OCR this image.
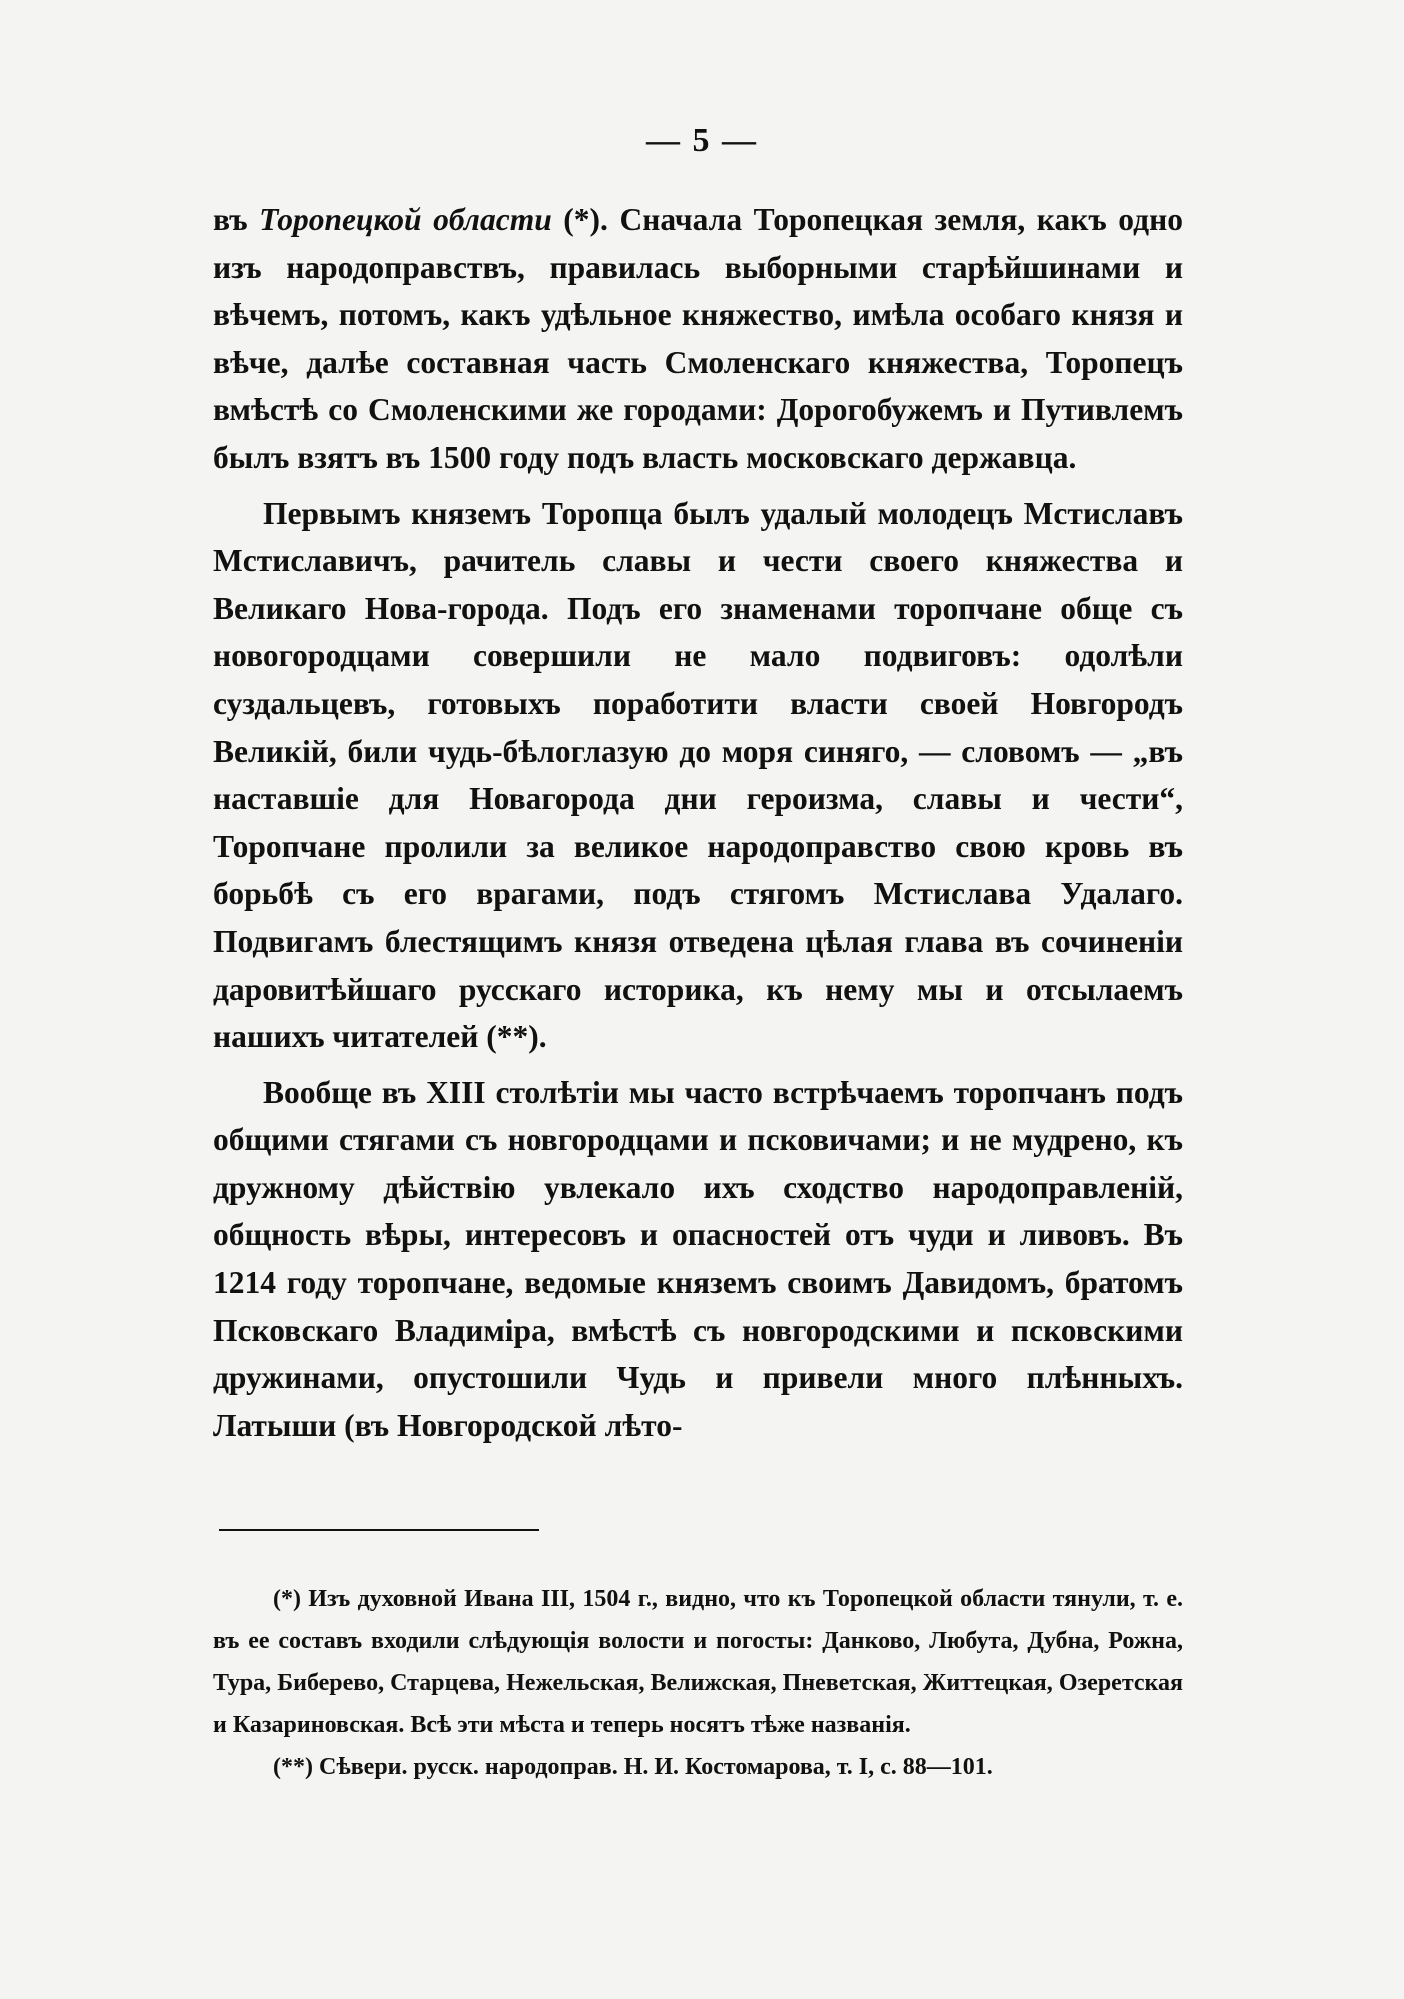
— 5 —

въ Торопецкой области (*). Сначала Торопецкая земля, какъ одно изъ народоправствъ, правилась выборными старѣйшинами и вѣчемъ, потомъ, какъ удѣльное княжество, имѣла особаго князя и вѣче, далѣе составная часть Смоленскаго княжества, Торопецъ вмѣстѣ со Смоленскими же городами: Дорогобужемъ и Путивлемъ былъ взятъ въ 1500 году подъ власть московскаго державца.

Первымъ княземъ Торопца былъ удалый молодецъ Мстиславъ Мстиславичъ, рачитель славы и чести своего княжества и Великаго Нова-города. Подъ его знаменами торопчане обще съ новогородцами совершили не мало подвиговъ: одолѣли суздальцевъ, готовыхъ поработити власти своей Новгородъ Великій, били чудь-бѣлоглазую до моря синяго, — словомъ — „въ наставшіе для Новагорода дни героизма, славы и чести“, Торопчане пролили за великое народоправство свою кровь въ борьбѣ съ его врагами, подъ стягомъ Мстислава Удалаго. Подвигамъ блестящимъ князя отведена цѣлая глава въ сочиненіи даровитѣйшаго русскаго историка, къ нему мы и отсылаемъ нашихъ читателей (**).

Вообще въ XIII столѣтіи мы часто встрѣчаемъ торопчанъ подъ общими стягами съ новгородцами и псковичами; и не мудрено, къ дружному дѣйствію увлекало ихъ сходство народоправленій, общность вѣры, интересовъ и опасностей отъ чуди и ливовъ. Въ 1214 году торопчане, ведомые княземъ своимъ Давидомъ, братомъ Псковскаго Владиміра, вмѣстѣ съ новгородскими и псковскими дружинами, опустошили Чудь и привели много плѣнныхъ. Латыши (въ Новгородской лѣто-

(*) Изъ духовной Ивана III, 1504 г., видно, что къ Торопецкой области тянули, т. е. въ ее составъ входили слѣдующія волости и погосты: Данково, Любута, Дубна, Рожна, Тура, Биберево, Старцева, Нежельская, Велижская, Пневетская, Життецкая, Озеретская и Казариновская. Всѣ эти мѣста и теперь носятъ тѣже названія.

(**) Сѣвери. русск. народоправ. Н. И. Костомарова, т. I, с. 88—101.
